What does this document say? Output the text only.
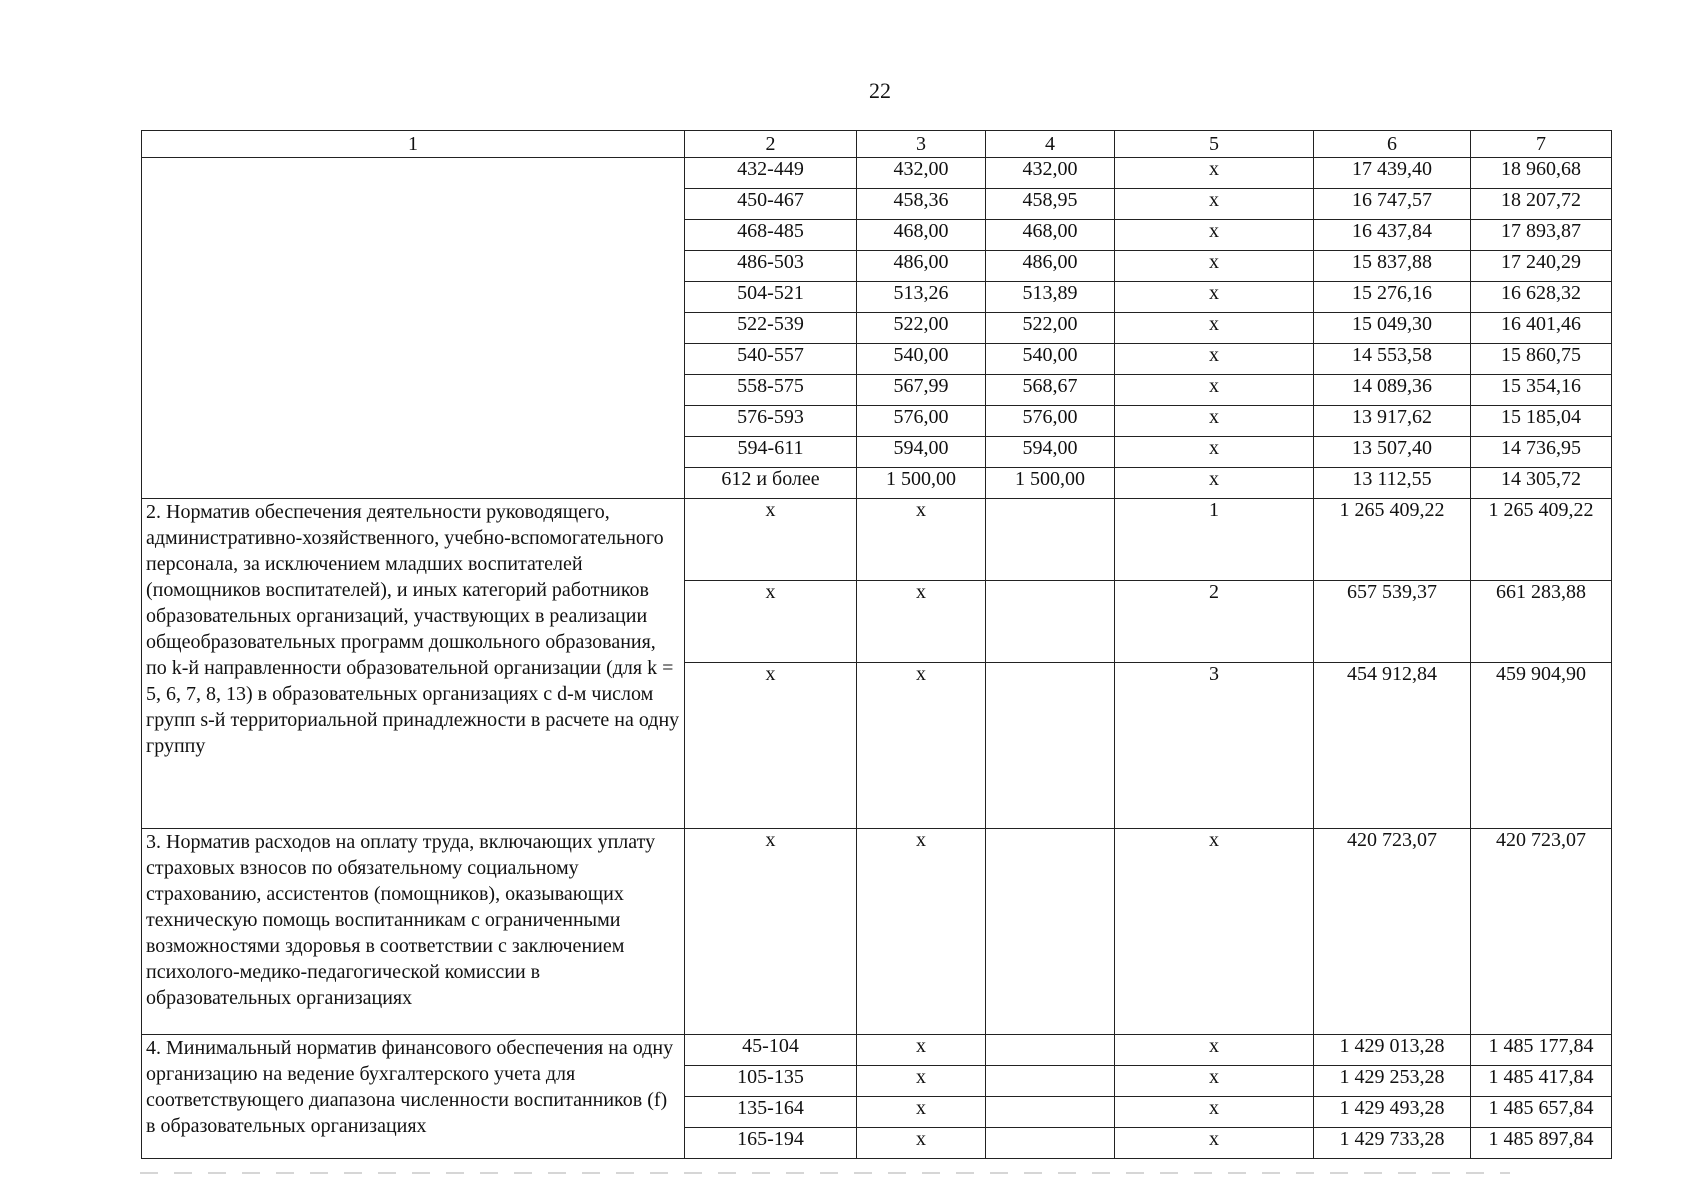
22
1	2	3	4	5	6	7
	432-449	432,00	432,00	х	17 439,40	18 960,68
	450-467	458,36	458,95	х	16 747,57	18 207,72
	468-485	468,00	468,00	х	16 437,84	17 893,87
	486-503	486,00	486,00	х	15 837,88	17 240,29
	504-521	513,26	513,89	х	15 276,16	16 628,32
	522-539	522,00	522,00	х	15 049,30	16 401,46
	540-557	540,00	540,00	х	14 553,58	15 860,75
	558-575	567,99	568,67	х	14 089,36	15 354,16
	576-593	576,00	576,00	х	13 917,62	15 185,04
	594-611	594,00	594,00	х	13 507,40	14 736,95
	612 и более	1 500,00	1 500,00	х	13 112,55	14 305,72
2. Норматив обеспечения деятельности руководящего, административно-хозяйственного, учебно-вспомогательного персонала, за исключением младших воспитателей (помощников воспитателей), и иных категорий работников образовательных организаций, участвующих в реализации общеобразовательных программ дошкольного образования, по k-й направленности образовательной организации (для k = 5, 6, 7, 8, 13) в образовательных организациях с d-м числом групп s-й территориальной принадлежности в расчете на одну группу	х	х		1	1 265 409,22	1 265 409,22
	х	х		2	657 539,37	661 283,88
	х	х		3	454 912,84	459 904,90
3. Норматив расходов на оплату труда, включающих уплату страховых взносов по обязательному социальному страхованию, ассистентов (помощников), оказывающих техническую помощь воспитанникам с ограниченными возможностями здоровья в соответствии с заключением психолого-медико-педагогической комиссии в образовательных организациях	х	х		х	420 723,07	420 723,07
4. Минимальный норматив финансового обеспечения на одну организацию на ведение бухгалтерского учета для соответствующего диапазона численности воспитанников (f) в образовательных организациях	45-104	х		х	1 429 013,28	1 485 177,84
	105-135	х		х	1 429 253,28	1 485 417,84
	135-164	х		х	1 429 493,28	1 485 657,84
	165-194	х		х	1 429 733,28	1 485 897,84
